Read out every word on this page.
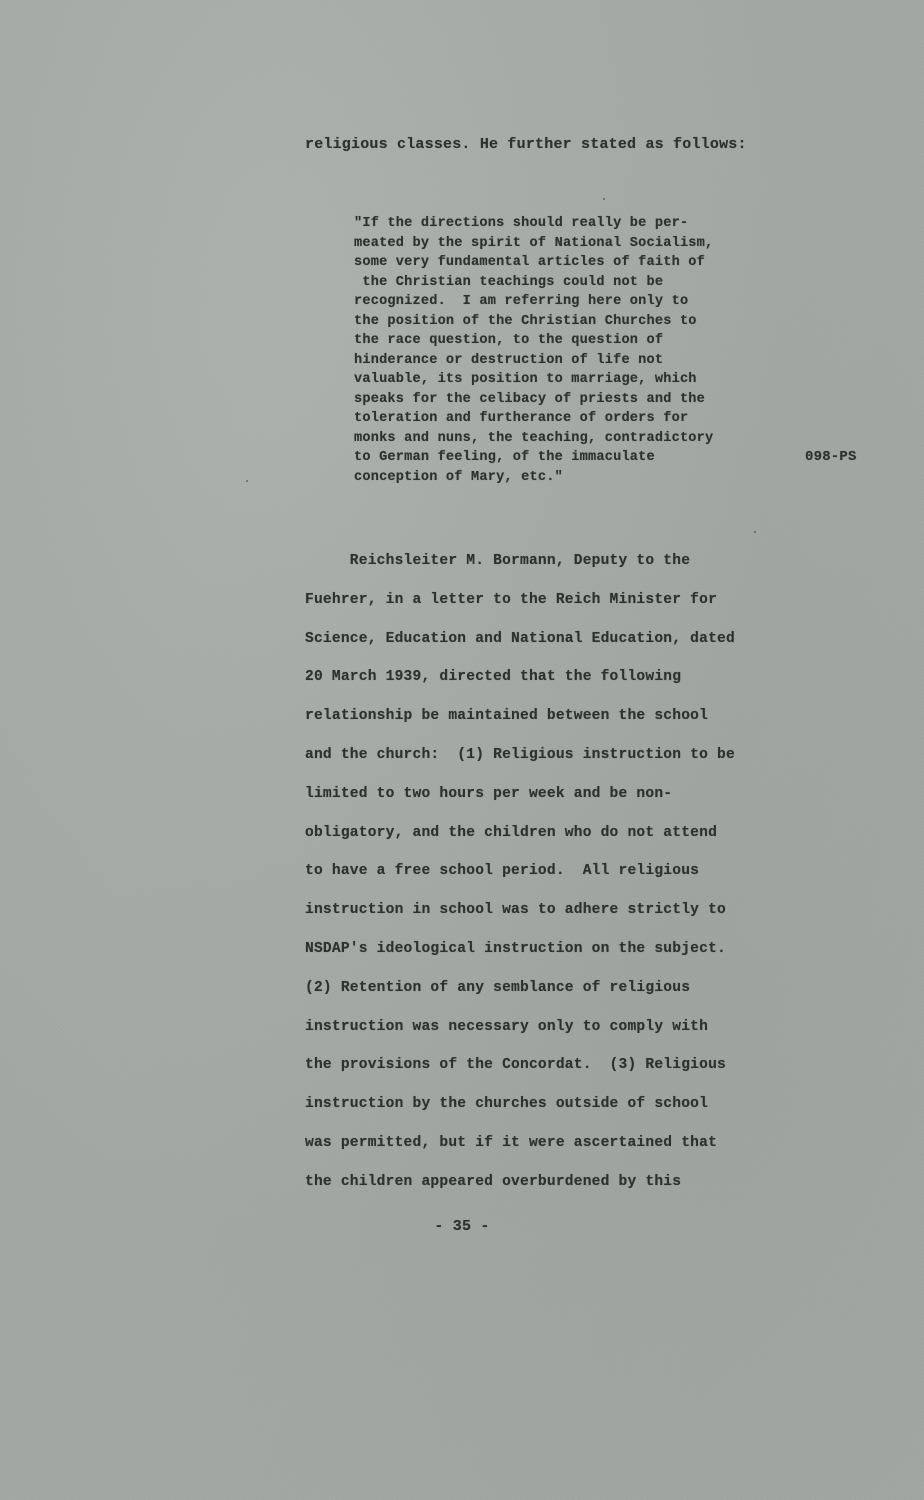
religious classes. He further stated as follows:
"If the directions should really be per-
meated by the spirit of National Socialism,
some very fundamental articles of faith of
the Christian teachings could not be
recognized.  I am referring here only to
the position of the Christian Churches to
the race question, to the question of
hinderance or destruction of life not
valuable, its position to marriage, which
speaks for the celibacy of priests and the
toleration and furtherance of orders for
monks and nuns, the teaching, contradictory
to German feeling, of the immaculate
conception of Mary, etc."
098-PS
Reichsleiter M. Bormann, Deputy to the
Fuehrer, in a letter to the Reich Minister for
Science, Education and National Education, dated
20 March 1939, directed that the following
relationship be maintained between the school
and the church:  (1) Religious instruction to be
limited to two hours per week and be non-
obligatory, and the children who do not attend
to have a free school period.  All religious
instruction in school was to adhere strictly to
NSDAP's ideological instruction on the subject.
(2) Retention of any semblance of religious
instruction was necessary only to comply with
the provisions of the Concordat.  (3) Religious
instruction by the churches outside of school
was permitted, but if it were ascertained that
the children appeared overburdened by this
- 35 -
